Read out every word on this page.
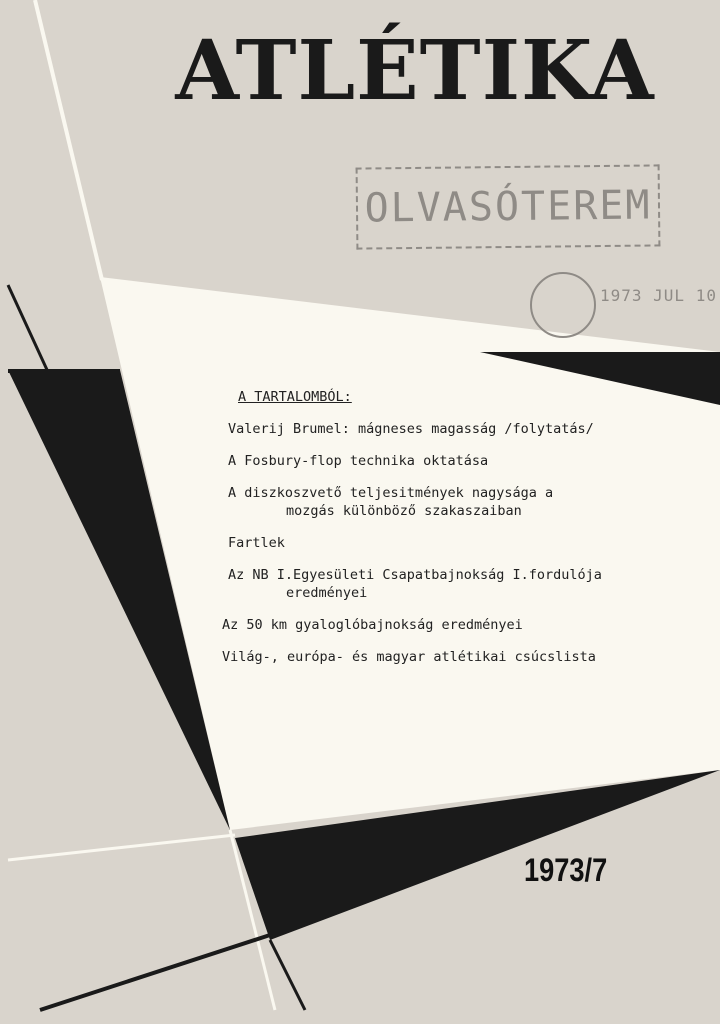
ATLÉTIKA
OLVASÓTEREM
1973 JUL 10
A TARTALOMBÓL:
Valerij Brumel: mágneses magasság /folytatás/
A Fosbury-flop technika oktatása
A diszkoszvető teljesitmények nagysága a
mozgás különböző szakaszaiban
Fartlek
Az NB I.Egyesületi Csapatbajnokság I.fordulója
eredményei
Az 50 km gyaloglóbajnokság eredményei
Világ-, európa- és magyar atlétikai csúcslista
1973/7
